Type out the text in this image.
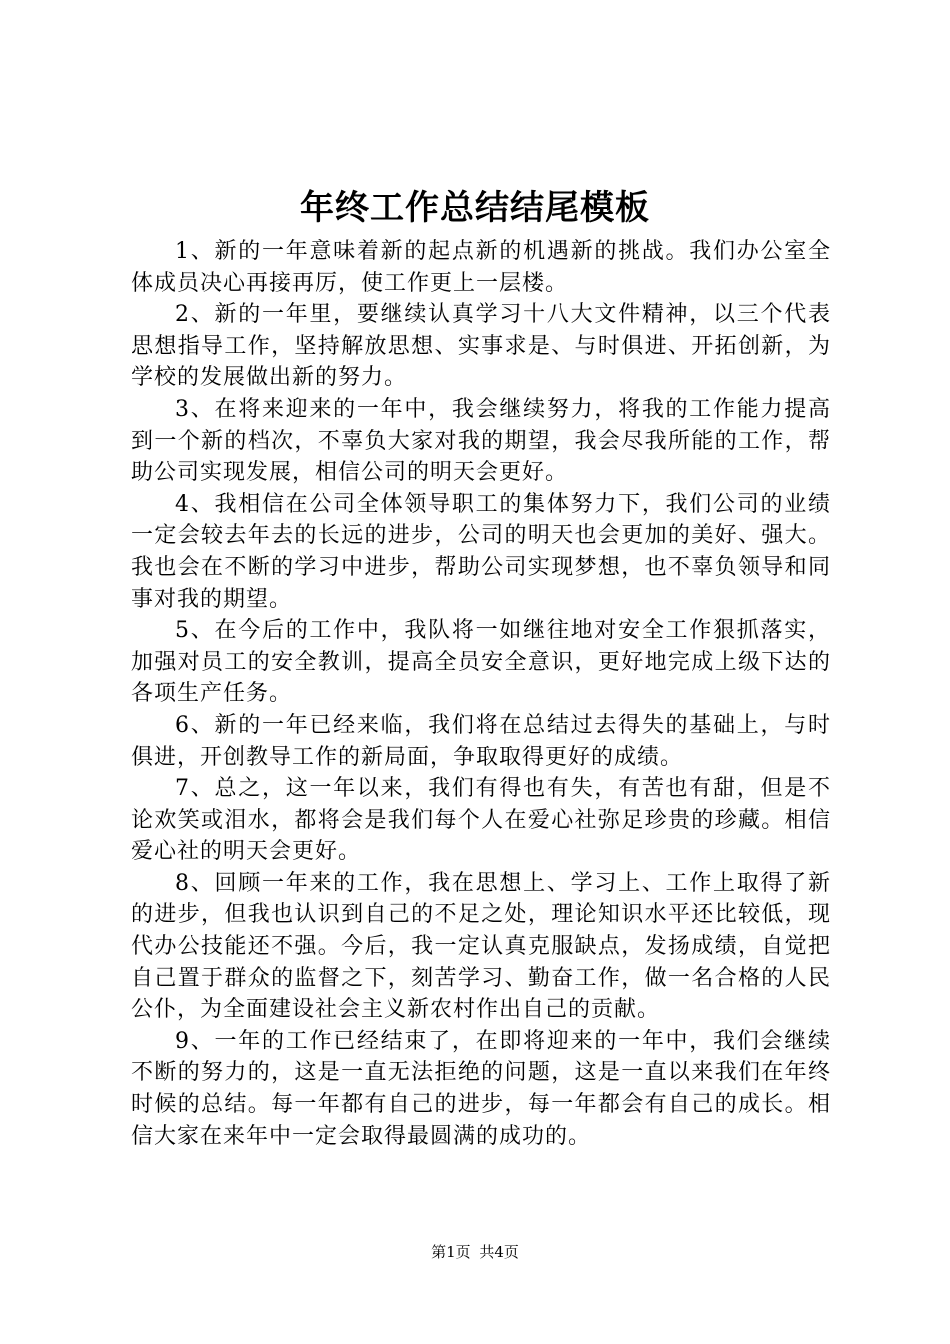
年终工作总结结尾模板

1、新的一年意味着新的起点新的机遇新的挑战。我们办公室全体成员决心再接再厉，使工作更上一层楼。

2、新的一年里，要继续认真学习十八大文件精神，以三个代表思想指导工作，坚持解放思想、实事求是、与时俱进、开拓创新，为学校的发展做出新的努力。

3、在将来迎来的一年中，我会继续努力，将我的工作能力提高到一个新的档次，不辜负大家对我的期望，我会尽我所能的工作，帮助公司实现发展，相信公司的明天会更好。

4、我相信在公司全体领导职工的集体努力下，我们公司的业绩一定会较去年去的长远的进步，公司的明天也会更加的美好、强大。我也会在不断的学习中进步，帮助公司实现梦想，也不辜负领导和同事对我的期望。

5、在今后的工作中，我队将一如继往地对安全工作狠抓落实，加强对员工的安全教训，提高全员安全意识，更好地完成上级下达的各项生产任务。

6、新的一年已经来临，我们将在总结过去得失的基础上，与时俱进，开创教导工作的新局面，争取取得更好的成绩。

7、总之，这一年以来，我们有得也有失，有苦也有甜，但是不论欢笑或泪水，都将会是我们每个人在爱心社弥足珍贵的珍藏。相信爱心社的明天会更好。

8、回顾一年来的工作，我在思想上、学习上、工作上取得了新的进步，但我也认识到自己的不足之处，理论知识水平还比较低，现代办公技能还不强。今后，我一定认真克服缺点，发扬成绩，自觉把自己置于群众的监督之下，刻苦学习、勤奋工作，做一名合格的人民公仆，为全面建设社会主义新农村作出自己的贡献。

9、一年的工作已经结束了，在即将迎来的一年中，我们会继续不断的努力的，这是一直无法拒绝的问题，这是一直以来我们在年终时候的总结。每一年都有自己的进步，每一年都会有自己的成长。相信大家在来年中一定会取得最圆满的成功的。

第1页 共4页
